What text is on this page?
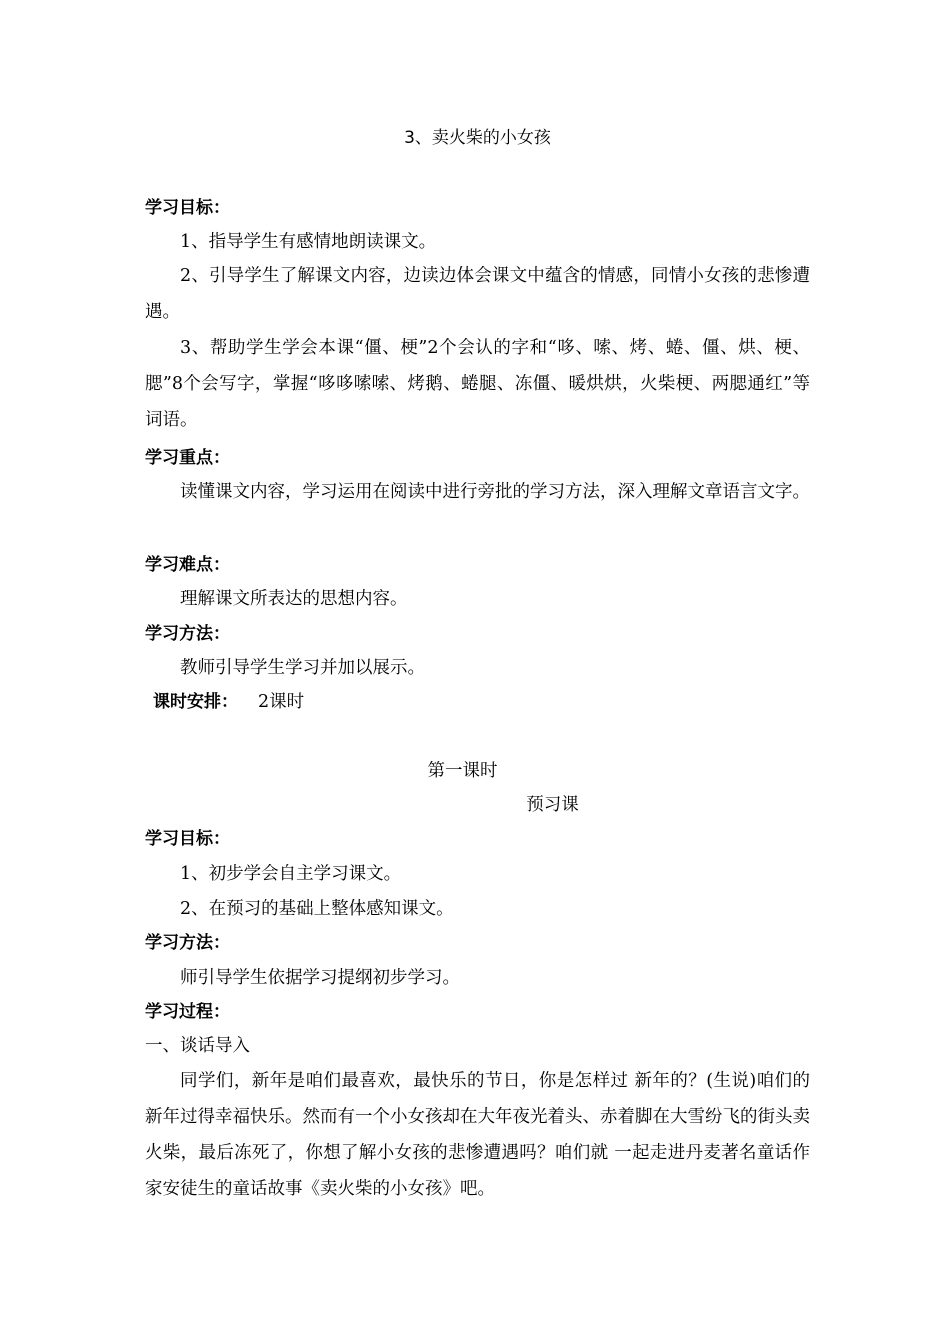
3、卖火柴的小女孩
学习目标：
1、指导学生有感情地朗读课文。
2、引导学生了解课文内容，边读边体会课文中蕴含的情感，同情小女孩的悲惨遭遇。
3、帮助学生学会本课“僵、梗”2个会认的字和“哆、嗦、烤、蜷、僵、烘、梗、腮”8个会写字，掌握“哆哆嗦嗦、烤鹅、蜷腿、冻僵、暖烘烘，火柴梗、两腮通红”等词语。
学习重点：
读懂课文内容，学习运用在阅读中进行旁批的学习方法，深入理解文章语言文字。
学习难点：
理解课文所表达的思想内容。
学习方法：
教师引导学生学习并加以展示。
课时安排： 2课时
第一课时
预习课
学习目标：
1、初步学会自主学习课文。
2、在预习的基础上整体感知课文。
学习方法：
师引导学生依据学习提纲初步学习。
学习过程：
一、谈话导入
同学们，新年是咱们最喜欢，最快乐的节日，你是怎样过 新年的？(生说)咱们的新年过得幸福快乐。然而有一个小女孩却在大年夜光着头、赤着脚在大雪纷飞的街头卖火柴，最后冻死了，你想了解小女孩的悲惨遭遇吗？咱们就 一起走进丹麦著名童话作家安徒生的童话故事《卖火柴的小女孩》吧。
